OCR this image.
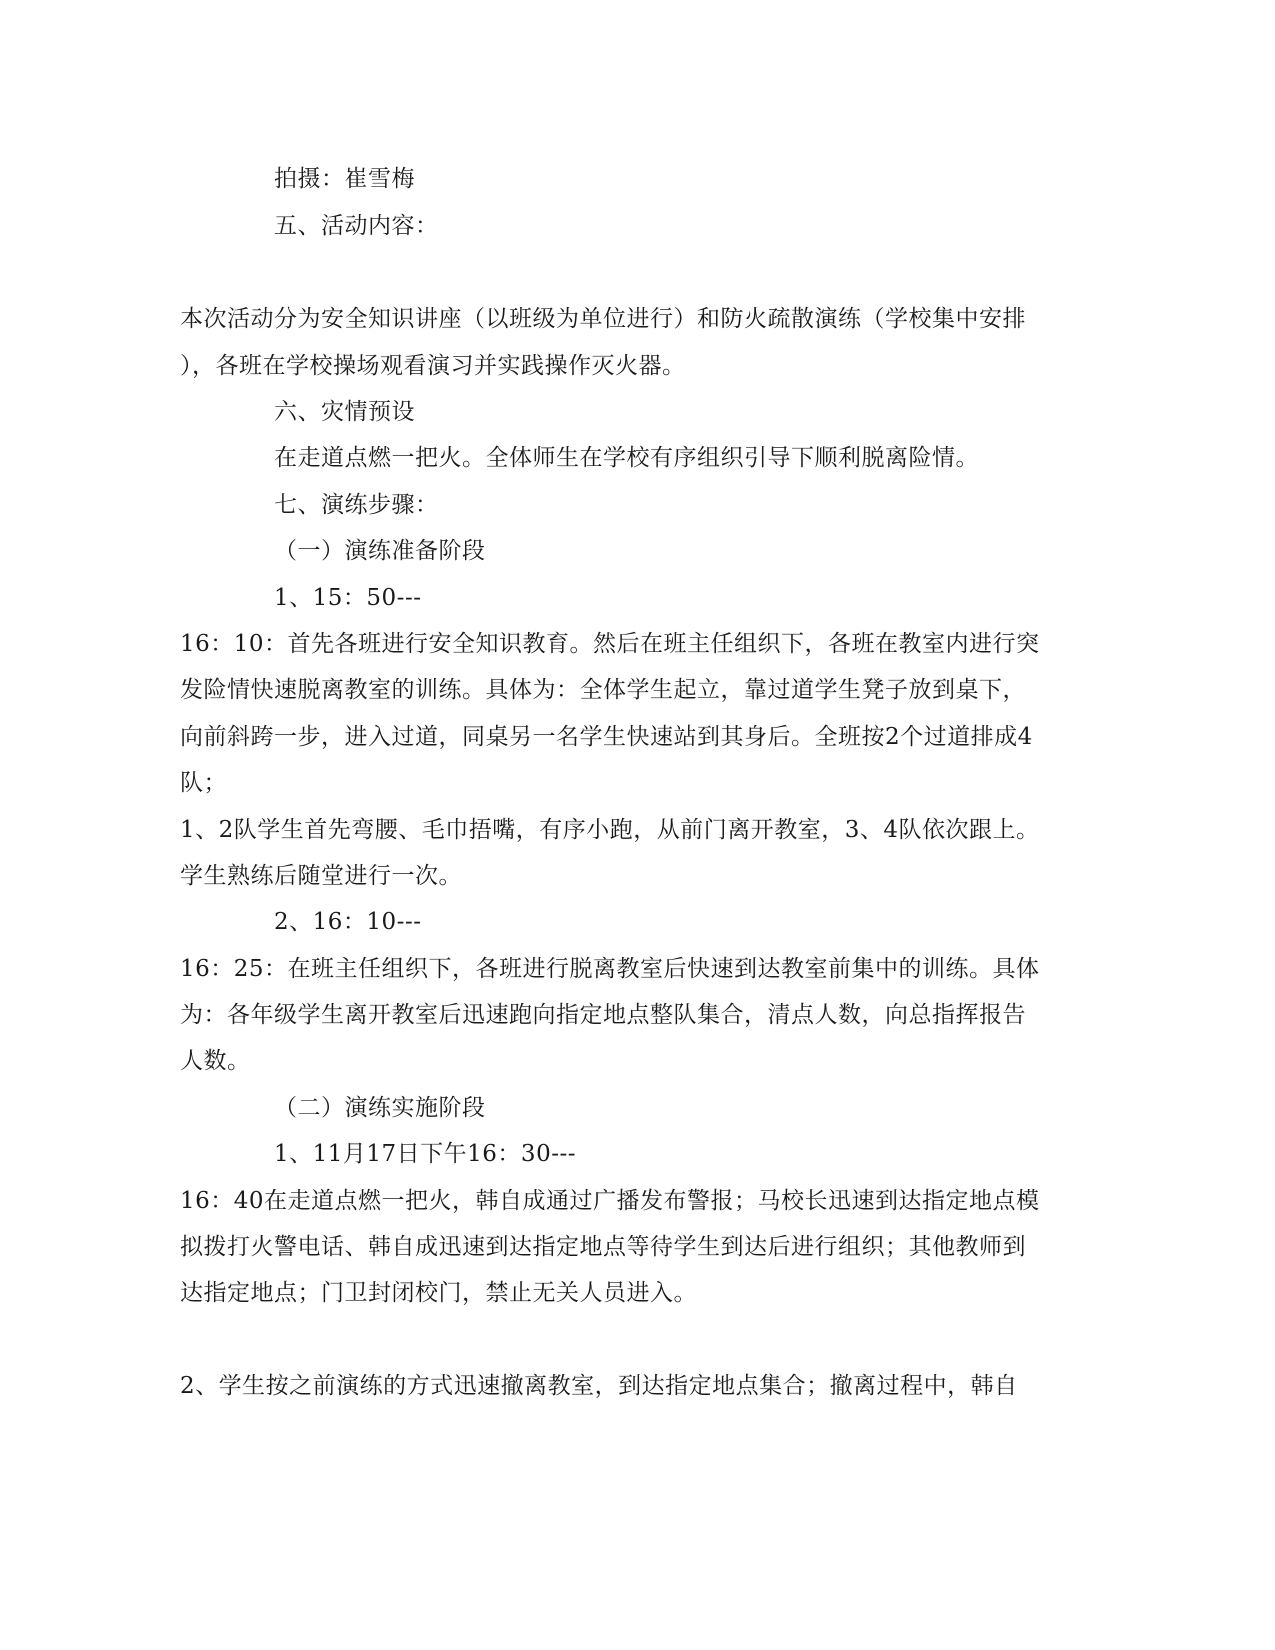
拍摄：崔雪梅
五、活动内容：
本次活动分为安全知识讲座（以班级为单位进行）和防火疏散演练（学校集中安排
），各班在学校操场观看演习并实践操作灭火器。
六、灾情预设
在走道点燃一把火。全体师生在学校有序组织引导下顺利脱离险情。
七、演练步骤：
（一）演练准备阶段
1、15：50---
16：10：首先各班进行安全知识教育。然后在班主任组织下，各班在教室内进行突
发险情快速脱离教室的训练。具体为：全体学生起立，靠过道学生凳子放到桌下，
向前斜跨一步，进入过道，同桌另一名学生快速站到其身后。全班按2个过道排成4
队；
1、2队学生首先弯腰、毛巾捂嘴，有序小跑，从前门离开教室，3、4队依次跟上。
学生熟练后随堂进行一次。
2、16：10---
16：25：在班主任组织下，各班进行脱离教室后快速到达教室前集中的训练。具体
为：各年级学生离开教室后迅速跑向指定地点整队集合，清点人数，向总指挥报告
人数。
（二）演练实施阶段
1、11月17日下午16：30---
16：40在走道点燃一把火，韩自成通过广播发布警报；马校长迅速到达指定地点模
拟拨打火警电话、韩自成迅速到达指定地点等待学生到达后进行组织；其他教师到
达指定地点；门卫封闭校门，禁止无关人员进入。
2、学生按之前演练的方式迅速撤离教室，到达指定地点集合；撤离过程中，韩自
